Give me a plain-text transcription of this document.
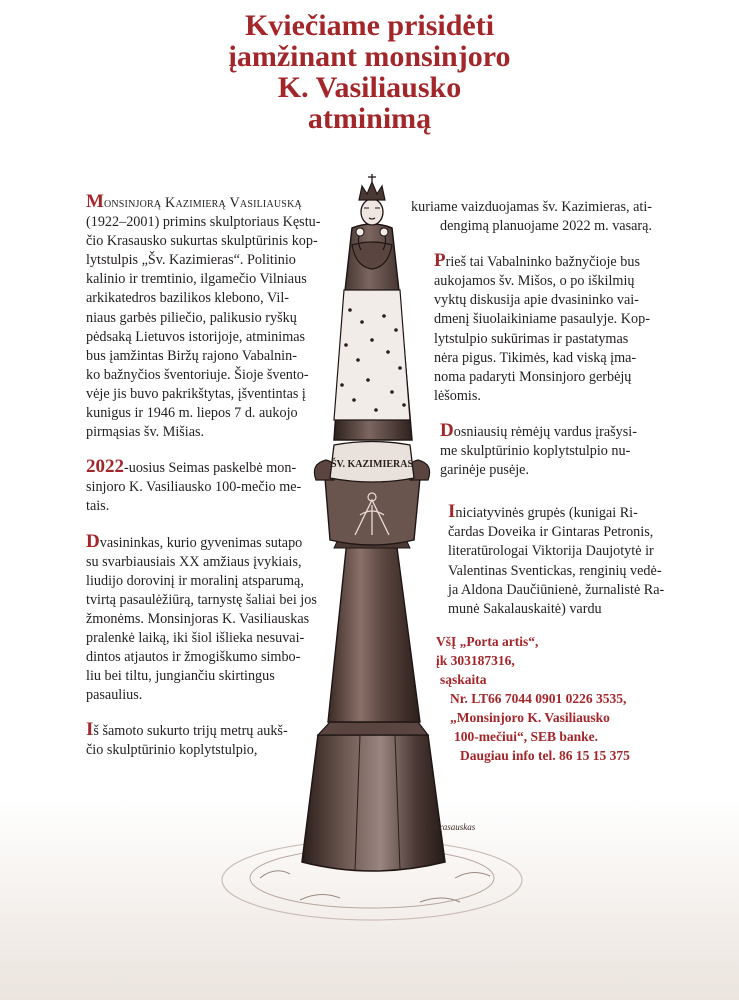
Kviečiame prisidėti
įamžinant monsinjoro
K. Vasiliausko
atminimą
ŠV. KAZIMIERAS
K.Krasauskas

Monsinjorą Kazimierą Vasiliauską
(1922–2001) primins skulptoriaus Kęstu-
čio Krasausko sukurtas skulptūrinis kop-
lytstulpis „Šv. Kazimieras“. Politinio
kalinio ir tremtinio, ilgamečio Vilniaus
arkikatedros bazilikos klebono, Vil-
niaus garbės piliečio, palikusio ryškų
pėdsaką Lietuvos istorijoje, atminimas
bus įamžintas Biržų rajono Vabalnin-
ko bažnyčios šventoriuje. Šioje švento-
vėje jis buvo pakrikštytas, įšventintas į
kunigus ir 1946 m. liepos 7 d. aukojo
pirmąsias šv. Mišias.

2022-uosius Seimas paskelbė mon-
sinjoro K. Vasiliausko 100-mečio me-
tais.

Dvasininkas, kurio gyvenimas sutapo
su svarbiausiais XX amžiaus įvykiais,
liudijo dorovinį ir moralinį atsparumą,
tvirtą pasaulėžiūrą, tarnystę šaliai bei jos
žmonėms. Monsinjoras K. Vasiliauskas
pralenkė laiką, iki šiol išlieka nesuvai-
dintos atjautos ir žmogiškumo simbo-
liu bei tiltu, jungiančiu skirtingus
pasaulius.

Iš šamoto sukurto trijų metrų aukš-
čio skulptūrinio koplytstulpio,

kuriame vaizduojamas šv. Kazimieras, ati-
dengimą planuojame 2022 m. vasarą.

Prieš tai Vabalninko bažnyčioje bus
aukojamos šv. Mišos, o po iškilmių
vyktų diskusija apie dvasininko vai-
dmenį šiuolaikiniame pasaulyje. Kop-
lytstulpio sukūrimas ir pastatymas
nėra pigus. Tikimės, kad viską įma-
noma padaryti Monsinjoro gerbėjų
lėšomis.

Dosniausių rėmėjų vardus įrašysi-
me skulptūrinio koplytstulpio nu-
garinėje pusėje.

Iniciatyvinės grupės (kunigai Ri-
čardas Doveika ir Gintaras Petronis,
literatūrologai Viktorija Daujotytė ir
Valentinas Sventickas, renginių vedė-
ja Aldona Daučiūnienė, žurnalistė Ra-
munė Sakalauskaitė) vardu

VšĮ „Porta artis“,
įk 303187316,
sąskaita
Nr. LT66 7044 0901 0226 3535,
„Monsinjoro K. Vasiliausko
100-mečiui“, SEB banke.
Daugiau info tel. 86 15 15 375
